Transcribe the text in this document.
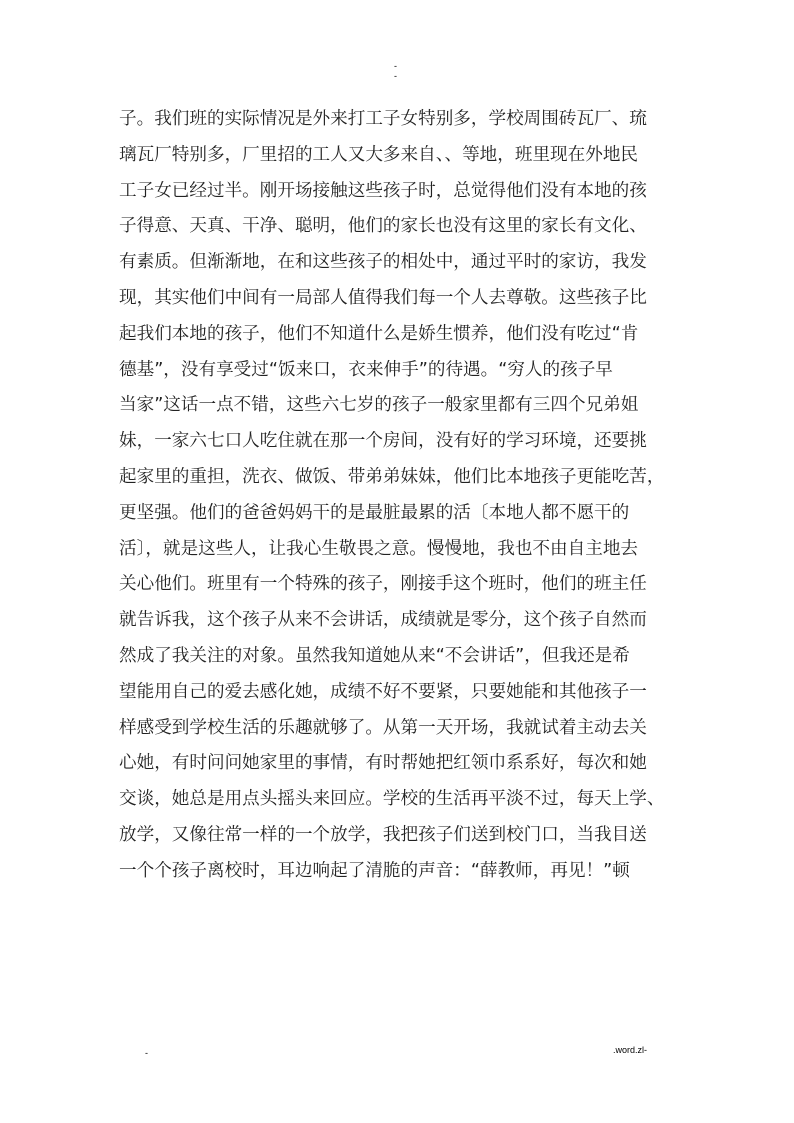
-
-
子。我们班的实际情况是外来打工子女特别多，学校周围砖瓦厂、琉
璃瓦厂特别多，厂里招的工人又大多来自、、等地，班里现在外地民
工子女已经过半。刚开场接触这些孩子时，总觉得他们没有本地的孩
子得意、天真、干净、聪明，他们的家长也没有这里的家长有文化、
有素质。但渐渐地，在和这些孩子的相处中，通过平时的家访，我发
现，其实他们中间有一局部人值得我们每一个人去尊敬。这些孩子比
起我们本地的孩子，他们不知道什么是娇生惯养，他们没有吃过“肯
德基”，没有享受过“饭来口，衣来伸手”的待遇。“穷人的孩子早
当家”这话一点不错，这些六七岁的孩子一般家里都有三四个兄弟姐
妹，一家六七口人吃住就在那一个房间，没有好的学习环境，还要挑
起家里的重担，洗衣、做饭、带弟弟妹妹，他们比本地孩子更能吃苦，
更坚强。他们的爸爸妈妈干的是最脏最累的活〔本地人都不愿干的
活〕，就是这些人，让我心生敬畏之意。慢慢地，我也不由自主地去
关心他们。班里有一个特殊的孩子，刚接手这个班时，他们的班主任
就告诉我，这个孩子从来不会讲话，成绩就是零分，这个孩子自然而
然成了我关注的对象。虽然我知道她从来“不会讲话”，但我还是希
望能用自己的爱去感化她，成绩不好不要紧，只要她能和其他孩子一
样感受到学校生活的乐趣就够了。从第一天开场，我就试着主动去关
心她，有时问问她家里的事情，有时帮她把红领巾系系好，每次和她
交谈，她总是用点头摇头来回应。学校的生活再平淡不过，每天上学、
放学，又像往常一样的一个放学，我把孩子们送到校门口，当我目送
一个个孩子离校时，耳边响起了清脆的声音：“薛教师，再见！”顿
-	.word.zl-
